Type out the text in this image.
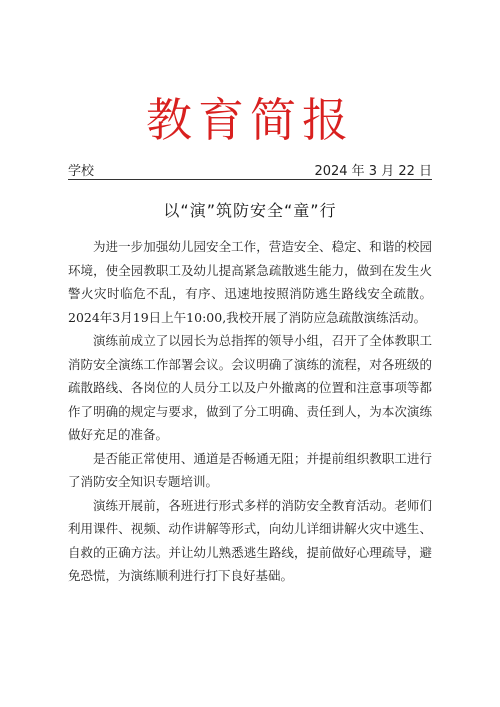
教育简报
学校	2024 年 3 月 22 日
以“演”筑防安全“童”行

为进一步加强幼儿园安全工作，营造安全、稳定、和谐的校园环境，使全园教职工及幼儿提高紧急疏散逃生能力，做到在发生火警火灾时临危不乱，有序、迅速地按照消防逃生路线安全疏散。2024年3月19日上午10:00,我校开展了消防应急疏散演练活动。

演练前成立了以园长为总指挥的领导小组，召开了全体教职工消防安全演练工作部署会议。会议明确了演练的流程，对各班级的疏散路线、各岗位的人员分工以及户外撤离的位置和注意事项等都作了明确的规定与要求，做到了分工明确、责任到人，为本次演练做好充足的准备。

是否能正常使用、通道是否畅通无阻；并提前组织教职工进行了消防安全知识专题培训。

演练开展前，各班进行形式多样的消防安全教育活动。老师们利用课件、视频、动作讲解等形式，向幼儿详细讲解火灾中逃生、自救的正确方法。并让幼儿熟悉逃生路线，提前做好心理疏导，避免恐慌，为演练顺利进行打下良好基础。
